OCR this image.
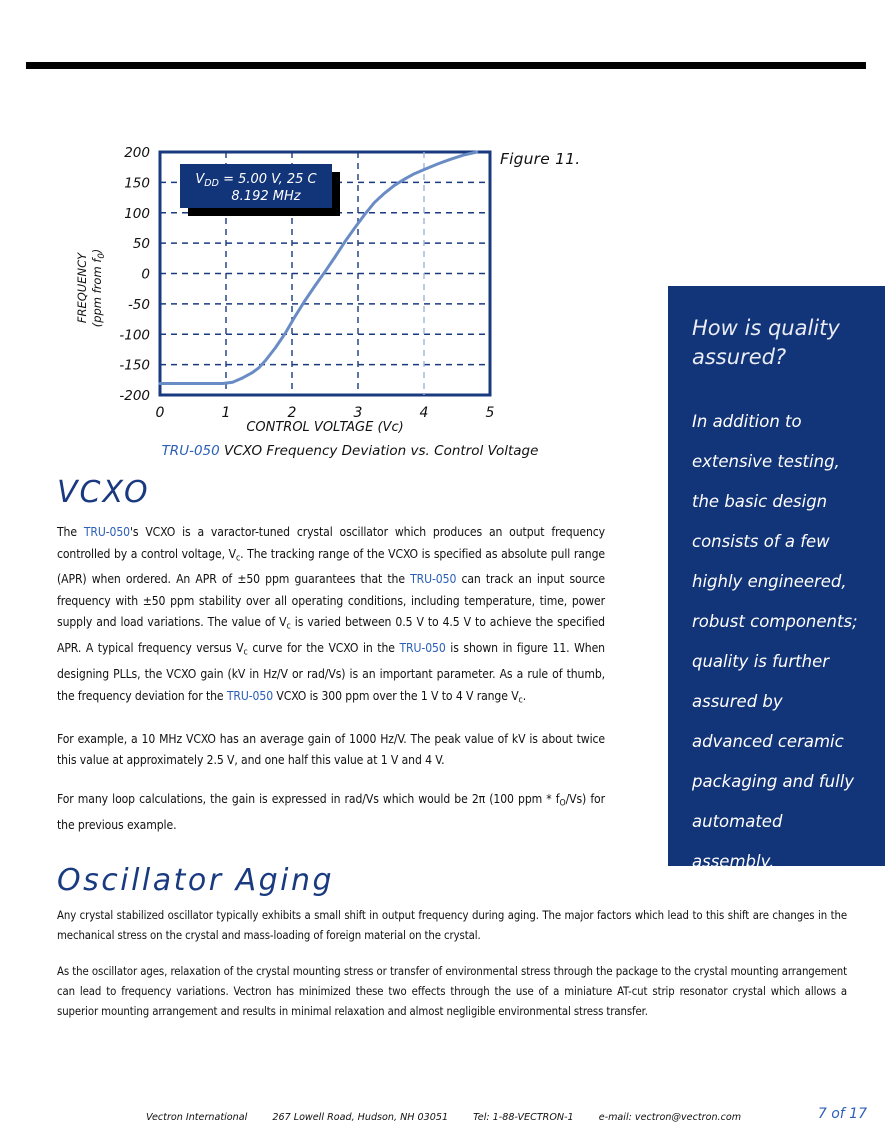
-200
-150
-100
-50
0
50
100
150
200
0	1	2	3	4	5
FREQUENCY (ppm from f0)
CONTROL VOLTAGE (Vc)
VDD = 5.00 V, 25 C
8.192 MHz
Figure 11.
TRU-050 VCXO Frequency Deviation vs. Control Voltage
VCXO

The TRU-050's VCXO is a varactor-tuned crystal oscillator which produces an output frequency controlled by a control voltage, $V_c$. The tracking range of the VCXO is specified as absolute pull range (APR) when ordered. An APR of ±50 ppm guarantees that the TRU-050 can track an input source frequency with ±50 ppm stability over all operating conditions, including temperature, time, power supply and load variations. The value of $V_c$ is varied between 0.5 V to 4.5 V to achieve the specified APR. A typical frequency versus $V_c$ curve for the VCXO in the TRU-050 is shown in figure 11. When designing PLLs, the VCXO gain (kV in Hz/V or rad/Vs) is an important parameter. As a rule of thumb, the frequency deviation for the TRU-050 VCXO is 300 ppm over the 1 V to 4 V range $V_c$.

For example, a 10 MHz VCXO has an average gain of 1000 Hz/V. The peak value of kV is about twice this value at approximately 2.5 V, and one half this value at 1 V and 4 V.

For many loop calculations, the gain is expressed in rad/Vs which would be 2π (100 ppm * $f_O/Vs$) for the previous example.

How is quality assured?

In addition to extensive testing, the basic design consists of a few highly engineered, robust components; quality is further assured by advanced ceramic packaging and fully automated assembly.

Oscillator Aging

Any crystal stabilized oscillator typically exhibits a small shift in output frequency during aging. The major factors which lead to this shift are changes in the mechanical stress on the crystal and mass-loading of foreign material on the crystal.

As the oscillator ages, relaxation of the crystal mounting stress or transfer of environmental stress through the package to the crystal mounting arrangement can lead to frequency variations. Vectron has minimized these two effects through the use of a miniature AT-cut strip resonator crystal which allows a superior mounting arrangement and results in minimal relaxation and almost negligible environmental stress transfer.

Vectron International	267 Lowell Road, Hudson, NH 03051	Tel: 1-88-VECTRON-1	e-mail: vectron@vectron.com	7 of 17
